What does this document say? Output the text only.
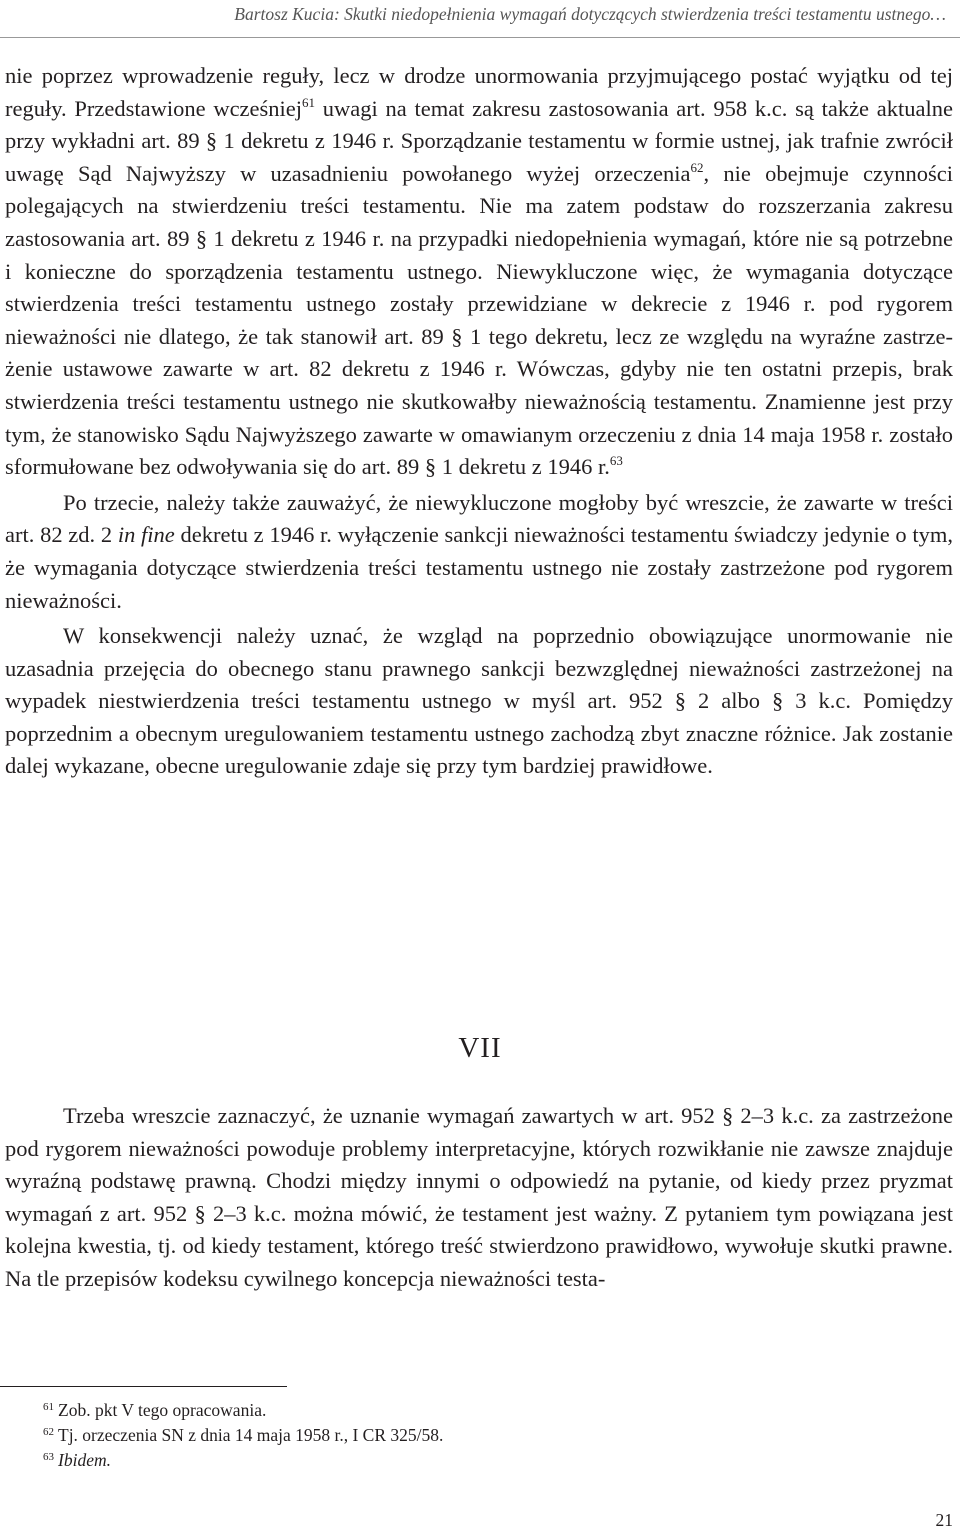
Bartosz Kucia: Skutki niedopełnienia wymagań dotyczących stwierdzenia treści testamentu ustnego…

nie poprzez wprowadzenie reguły, lecz w drodze unormowania przyjmującego postać wyjątku od tej reguły. Przedstawione wcześniej$^{61}$ uwagi na temat zakresu zastosowania art. 958 k.c. są także aktualne przy wykładni art. 89 § 1 dekretu z 1946 r. Sporządzanie testamentu w formie ustnej, jak trafnie zwrócił uwagę Sąd Najwyższy w uzasadnieniu powołanego wyżej orzeczenia$^{62}$, nie obejmuje czynności polegających na stwierdzeniu treści testamentu. Nie ma zatem podstaw do rozszerzania zakresu zastosowania art. 89 § 1 dekretu z 1946 r. na przypadki niedopełnienia wymagań, które nie są potrzebne i konieczne do sporządzenia testamentu ustnego. Niewykluczone więc, że wymagania dotyczące stwierdzenia treści testamentu ustnego zostały przewidziane w dekrecie z 1946 r. pod rygorem nieważności nie dlatego, że tak stanowił art. 89 § 1 tego dekretu, lecz ze względu na wyraźne zastrzeżenie ustawowe zawarte w art. 82 dekretu z 1946 r. Wówczas, gdyby nie ten ostatni przepis, brak stwierdzenia treści testamentu ustnego nie skutkowałby nieważnością testamentu. Znamienne jest przy tym, że stanowisko Sądu Najwyższego zawarte w omawianym orzeczeniu z dnia 14 maja 1958 r. zostało sformułowane bez odwoływania się do art. 89 § 1 dekretu z 1946 r.$^{63}$

Po trzecie, należy także zauważyć, że niewykluczone mogłoby być wreszcie, że zawarte w treści art. 82 zd. 2 in fine dekretu z 1946 r. wyłączenie sankcji nieważności testamentu świadczy jedynie o tym, że wymagania dotyczące stwierdzenia treści testamentu ustnego nie zostały zastrzeżone pod rygorem nieważności.

W konsekwencji należy uznać, że wzgląd na poprzednio obowiązujące unormowanie nie uzasadnia przejęcia do obecnego stanu prawnego sankcji bezwzględnej nieważności zastrzeżonej na wypadek niestwierdzenia treści testamentu ustnego w myśl art. 952 § 2 albo § 3 k.c. Pomiędzy poprzednim a obecnym uregulowaniem testamentu ustnego zachodzą zbyt znaczne różnice. Jak zostanie dalej wykazane, obecne uregulowanie zdaje się przy tym bardziej prawidłowe.

VII

Trzeba wreszcie zaznaczyć, że uznanie wymagań zawartych w art. 952 § 2–3 k.c. za zastrzeżone pod rygorem nieważności powoduje problemy interpretacyjne, których rozwikłanie nie zawsze znajduje wyraźną podstawę prawną. Chodzi między innymi o odpowiedź na pytanie, od kiedy przez pryzmat wymagań z art. 952 § 2–3 k.c. można mówić, że testament jest ważny. Z pytaniem tym powiązana jest kolejna kwestia, tj. od kiedy testament, którego treść stwierdzono prawidłowo, wywołuje skutki prawne. Na tle przepisów kodeksu cywilnego koncepcja nieważności testa-

$^{61}$ Zob. pkt V tego opracowania.

$^{62}$ Tj. orzeczenia SN z dnia 14 maja 1958 r., I CR 325/58.

$^{63}$ Ibidem.

21
